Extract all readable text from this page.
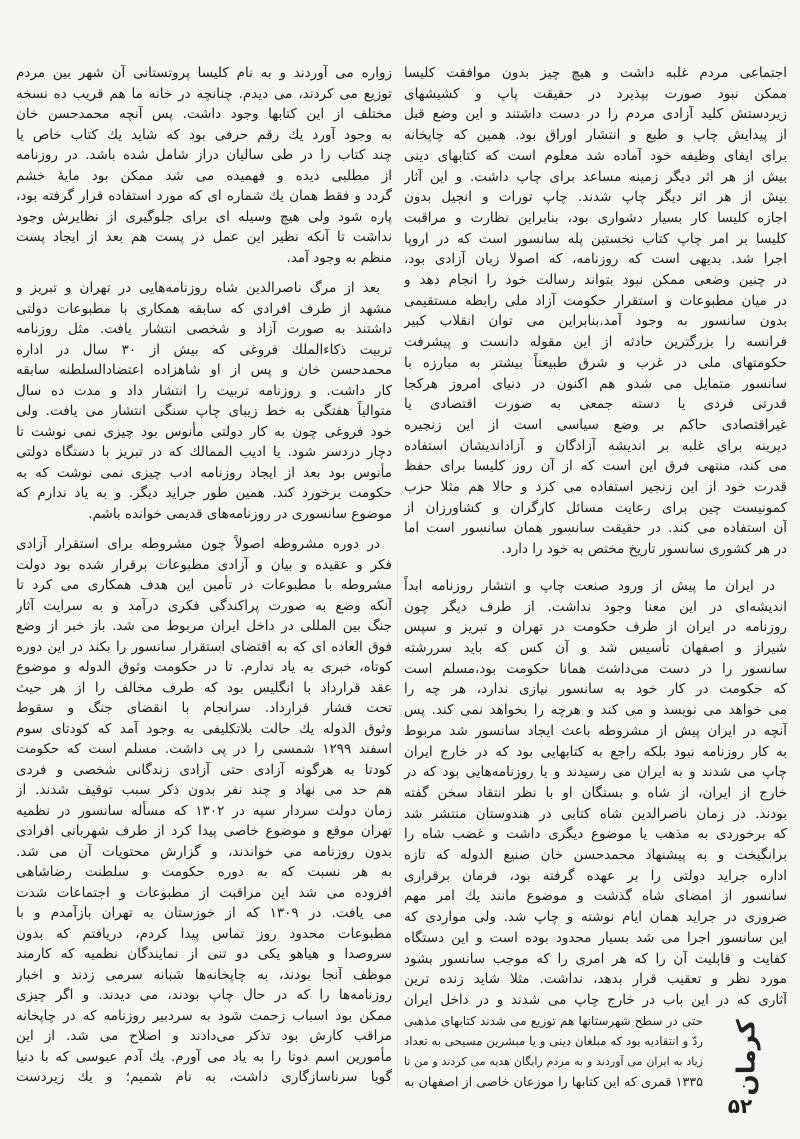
اجتماعی مردم غلبه داشت و هیچ چیز بدون موافقت کلیسا
ممکن نبود صورت بپذیرد در حقیقت پاپ و کشیشهای
زیردستش کلید آزادی مردم را در دست داشتند و این وضع قبل
از پیدایش چاپ و طبع و انتشار اوراق بود. همین که چاپخانه
برای ایفای وظیفه خود آماده شد معلوم است که کتابهای دینی
بیش از هر اثر دیگر زمینه مساعد برای چاپ داشت. و این آثار
بیش از هر اثر دیگر چاپ شدند. چاپ تورات و انجیل بدون
اجازه کلیسا کار بسیار دشواری بود، بنابراین نظارت و مراقبت
کلیسا بر امر چاپ کتاب نخستین پله سانسور است که در اروپا
اجرا شد. بدیهی است که روزنامه، که اصولا زبان آزادی بود،
در چنین وضعی ممکن نبود بتواند رسالت خود را انجام دهد و
در میان مطبوعات و استقرار حکومت آزاد ملی رابطه مستقیمی
بدون سانسور به وجود آمد.بنابراین می توان انقلاب کبیر
فرانسه را بزرگترین حادثه از این مقوله دانست و پیشرفت
حکومتهای ملی در غرب و شرق طبیعتاً بیشتر به مبارزه با
سانسور متمایل می شدو هم اکنون در دنیای امروز هرکجا
قدرتی فردی یا دسته جمعی به صورت اقتصادی یا
غیراقتصادی حاکم بر وضع سیاسی است از این زنجیره
دیرینه برای غلبه بر اندیشه آزادگان و آزاداندیشان استفاده
می کند، منتهی فرق این است که از آن روز کلیسا برای حفظ
قدرت خود از این زنجیر استفاده می کرد و حالا هم مثلا حزب
کمونیست چین برای رعایت مسائل کارگران و کشاورزان از
آن استفاده می کند. در حقیقت سانسور همان سانسور است اما
در هر کشوری سانسور تاریخ مختص به خود را دارد.
در ایران ما پیش از ورود صنعت چاپ و انتشار روزنامه ابداً
اندیشه‌ای در این معنا وجود نداشت. از طرف دیگر چون
روزنامه در ایران از طرف حکومت در تهران و تبریز و سپس
شیراز و اصفهان تأسیس شد و آن کس که باید سررشته
سانسور را در دست می‌داشت همانا حکومت بود،مسلم است
که حکومت در کار خود به سانسور نیازی ندارد، هر چه را
می خواهد می نویسد و می کند و هرچه را بخواهد نمی کند. پس
آنچه در ایران پیش از مشروطه باعث ایجاد سانسور شد مربوط
به کار روزنامه نبود بلکه راجع به کتابهایی بود که در خارج ایران
چاپ می شدند و به ایران می رسیدند و یا روزنامه‌هایی بود که در
خارج از ایران، از شاه و بستگان او با نظر انتقاد سخن گفته
بودند. در زمان ناصرالدین شاه کتابی در هندوستان منتشر شد
که برخوردی به مذهب یا موضوع دیگری داشت و غضب شاه را
برانگیخت و به پیشنهاد محمدحسن خان صنیع الدوله که تازه
اداره جراید دولتی را بر عهده گرفته بود، فرمان برقراری
سانسور از امضای شاه گذشت و موضوع مانند یك امر مهم
ضروری در جراید همان ایام نوشته و چاپ شد. ولی مواردی که
این سانسور اجرا می شد بسیار محدود بوده است و این دستگاه
کفایت و قابلیت آن را که هر امری را که موجب سانسور بشود
مورد نظر و تعقیب قرار بدهد، نداشت. مثلا شاید زنده ترین
آثاری که در این باب در خارج چاپ می شدند و در داخل ایران
حتی در سطح شهرستانها هم توزیع می شدند کتابهای مذهبی
ردّ و انتقادیه بود که مبلغان دینی و یا مبشرین مسیحی به تعداد
زیاد به ایران می آوردند و به مردم رایگان هدیه می کردند و من تا
۱۳۳۵ قمری که این کتابها را موزعان خاصی از اصفهان به
زواره می آوردند و به نام کلیسا پروتستانی آن شهر بین مردم
توزیع می کردند، می دیدم. چنانچه در خانه ما هم قریب ده نسخه
مختلف از این کتابها وجود داشت. پس آنچه محمدحسن خان
به وجود آورد یك رقم حرفی بود که شاید یك کتاب خاص یا
چند کتاب را در طی سالیان دراز شامل شده باشد. در روزنامه
از مطلبی دیده و فهمیده می شد ممکن بود مایهٔ خشم
گردد و فقط همان یك شماره ای که مورد استفاده قرار گرفته بود،
پاره شود ولی هیچ وسیله ای برای جلوگیری از نظایرش وجود
نداشت تا آنکه نظیر این عمل در پست هم بعد از ایجاد پست
منظم به وجود آمد.
بعد از مرگ ناصرالدین شاه روزنامه‌هایی در تهران و تبریز و
مشهد از طرف افرادی که سابقه همکاری با مطبوعات دولتی
داشتند به صورت آزاد و شخصی انتشار یافت. مثل روزنامه
تربیت ذکاءالملك فروغی که بیش از ۳۰ سال در اداره
محمدحسن خان و پس از او شاهزاده اعتضادالسلطنه سابقه
کار داشت. و روزنامه تربیت را انتشار داد و مدت ده سال
متوالیاً هفتگی به خط زیبای چاپ سنگی انتشار می یافت. ولی
خود فروغی چون به کار دولتی مأنوس بود چیزی نمی نوشت تا
دچار دردسر شود. یا ادیب الممالك که در تبریز با دستگاه دولتی
مأنوس بود بعد از ایجاد روزنامه ادب چیزی نمی نوشت که به
حکومت برخورد کند. همین طور جراید دیگر. و به یاد ندارم که
موضوع سانسوری در روزنامه‌های قدیمی خوانده باشم.
در دوره مشروطه اصولاً چون مشروطه برای استقرار آزادی
فکر و عقیده و بیان و آزادی مطبوعات برقرار شده بود دولت
مشروطه با مطبوعات در تأمین این هدف همکاری می کرد تا
آنکه وضع به صورت پراکندگی فکری درآمد و به سرایت آثار
جنگ بین المللی در داخل ایران مربوط می شد. باز خبر از وضع
فوق العاده ای که به اقتضای استقرار سانسور را بکند در این دوره
کوتاه، خبری به یاد ندارم. تا در حکومت وثوق الدوله و موضوع
عقد قرارداد با انگلیس بود که طرف مخالف را از هر حیث
تحت فشار قرارداد. سرانجام با انقضای جنگ و سقوط
وثوق الدوله یك حالت بلاتکلیفی به وجود آمد که کودتای سوم
اسفند ۱۲۹۹ شمسی را در پی داشت. مسلم است که حکومت
کودتا به هرگونه آزادی حتی آزادی زندگانی شخصی و فردی
هم حد می نهاد و چند نفر بدون ذکر سبب توقیف شدند. از
زمان دولت سردار سپه در ۱۳۰۲ که مسأله سانسور در نظمیه
تهران موقع و موضوع خاصی پیدا کرد از طرف شهربانی افرادی
بدون روزنامه می خواندند، و گزارش محتویات آن می شد.
به هر نسبت که به دوره حکومت و سلطنت رضاشاهی
افزوده می شد این مراقبت از مطبوعات و اجتماعات شدت
می یافت. در ۱۳۰۹ که از خوزستان به تهران بازآمدم و با
مطبوعات محدود روز تماس پیدا کردم، دریافتم که بدون
سروصدا و هیاهو یکی دو تنی از نمایندگان نظمیه که کارمند
موظف آنجا بودند، به چاپخانه‌ها شبانه سرمی زدند و اخبار
روزنامه‌ها را که در حال چاپ بودند، می دیدند. و اگر چیزی
ممکن بود اسباب زحمت شود به سردبیر روزنامه که در چاپخانه
مراقب کارش بود تذکر می‌دادند و اصلاح می شد. از این
مأمورین اسم دوتا را به یاد می آورم. یك آدم عبوسی که با دنیا
گویا سرناسازگاری داشت، به نام شمیم؛ و یك زیردست	کرمان
۵۲
